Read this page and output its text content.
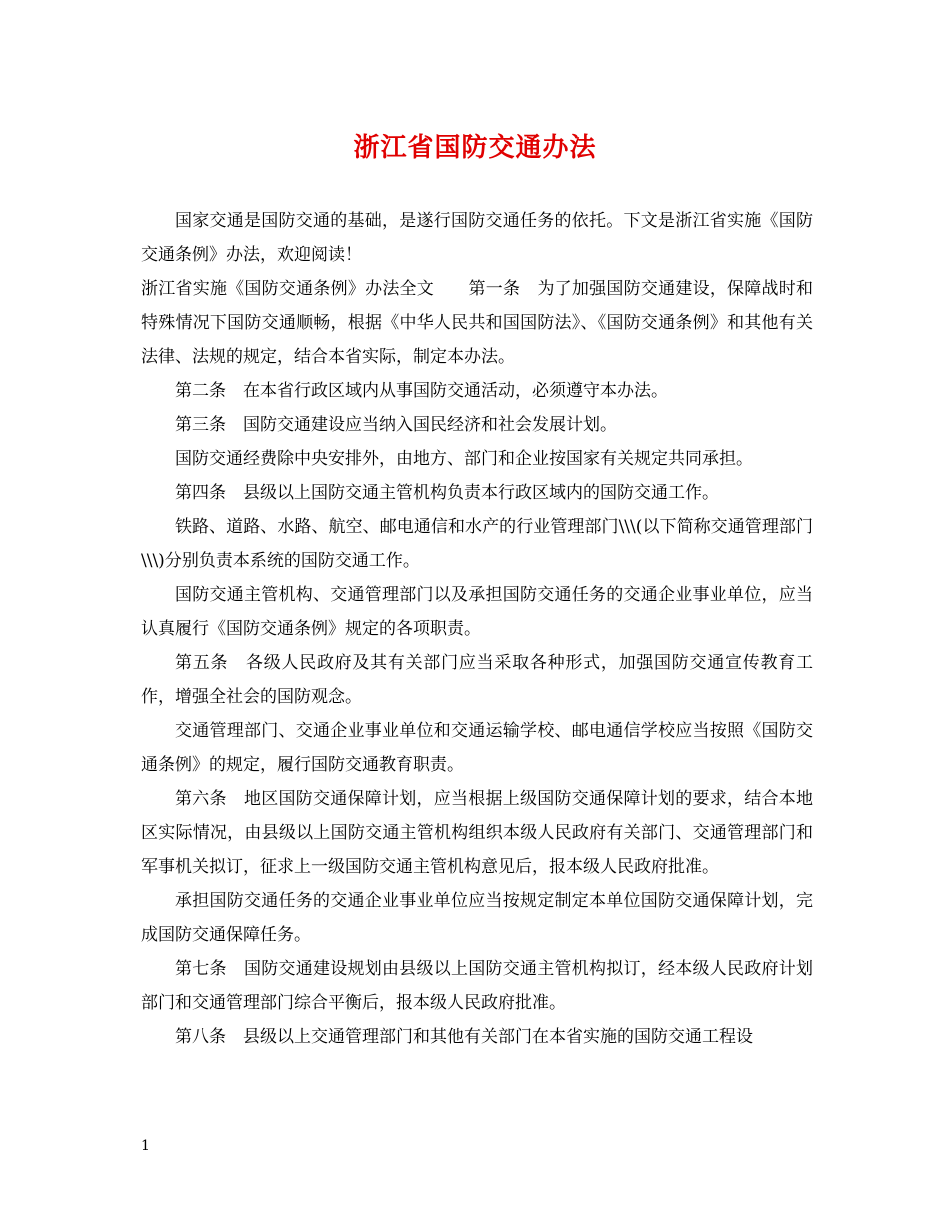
浙江省国防交通办法

国家交通是国防交通的基础，是遂行国防交通任务的依托。下文是浙江省实施《国防交通条例》办法，欢迎阅读！

浙江省实施《国防交通条例》办法全文　　第一条　为了加强国防交通建设，保障战时和特殊情况下国防交通顺畅，根据《中华人民共和国国防法》、《国防交通条例》和其他有关法律、法规的规定，结合本省实际，制定本办法。

第二条　在本省行政区域内从事国防交通活动，必须遵守本办法。

第三条　国防交通建设应当纳入国民经济和社会发展计划。

国防交通经费除中央安排外，由地方、部门和企业按国家有关规定共同承担。

第四条　县级以上国防交通主管机构负责本行政区域内的国防交通工作。

铁路、道路、水路、航空、邮电通信和水产的行业管理部门\\\(以下简称交通管理部门\\\)分别负责本系统的国防交通工作。

国防交通主管机构、交通管理部门以及承担国防交通任务的交通企业事业单位，应当认真履行《国防交通条例》规定的各项职责。

第五条　各级人民政府及其有关部门应当采取各种形式，加强国防交通宣传教育工作，增强全社会的国防观念。

交通管理部门、交通企业事业单位和交通运输学校、邮电通信学校应当按照《国防交通条例》的规定，履行国防交通教育职责。

第六条　地区国防交通保障计划，应当根据上级国防交通保障计划的要求，结合本地区实际情况，由县级以上国防交通主管机构组织本级人民政府有关部门、交通管理部门和军事机关拟订，征求上一级国防交通主管机构意见后，报本级人民政府批准。

承担国防交通任务的交通企业事业单位应当按规定制定本单位国防交通保障计划，完成国防交通保障任务。

第七条　国防交通建设规划由县级以上国防交通主管机构拟订，经本级人民政府计划部门和交通管理部门综合平衡后，报本级人民政府批准。

第八条　县级以上交通管理部门和其他有关部门在本省实施的国防交通工程设

1
